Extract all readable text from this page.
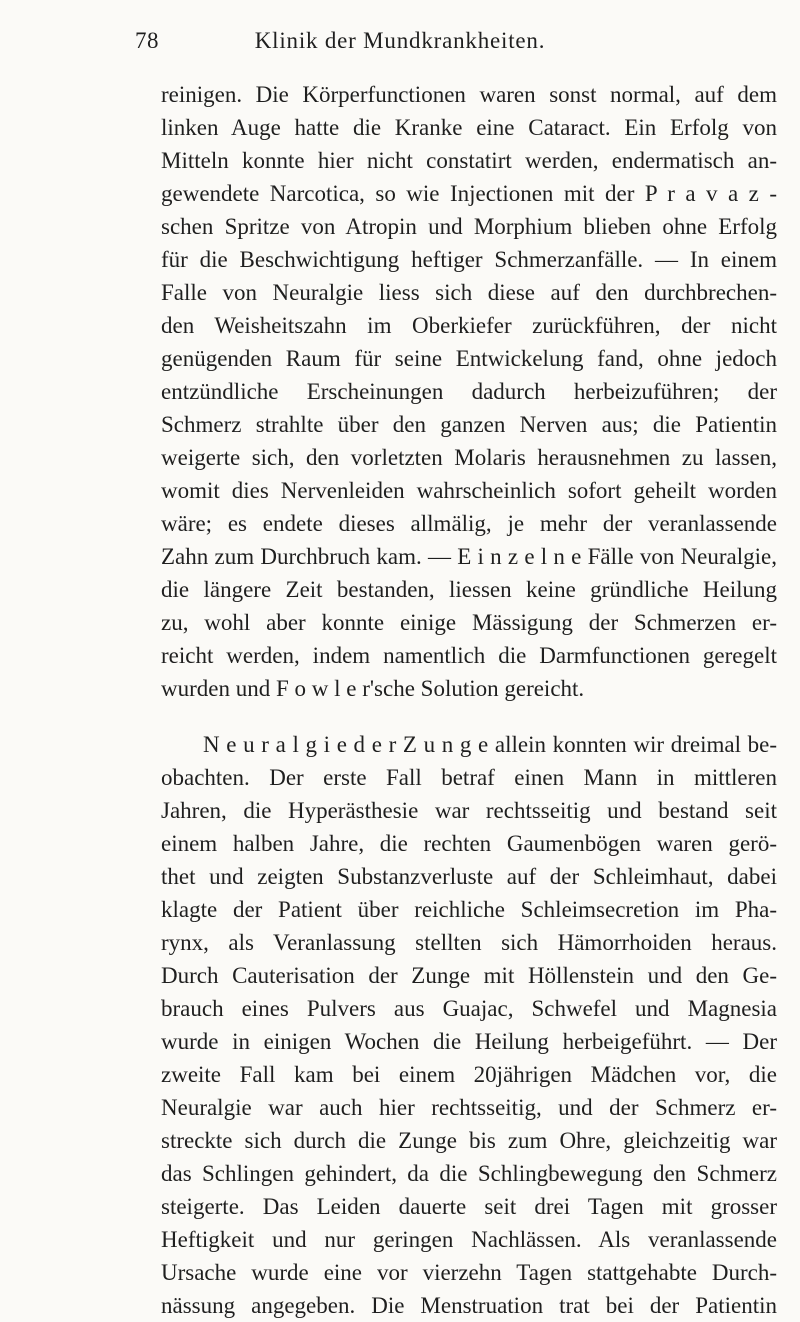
78	Klinik der Mundkrankheiten.
reinigen. Die Körperfunctionen waren sonst normal, auf dem
linken Auge hatte die Kranke eine Cataract. Ein Erfolg von
Mitteln konnte hier nicht constatirt werden, endermatisch an-
gewendete Narcotica, so wie Injectionen mit der P r a v a z -
schen Spritze von Atropin und Morphium blieben ohne Erfolg
für die Beschwichtigung heftiger Schmerzanfälle. — In einem
Falle von Neuralgie liess sich diese auf den durchbrechen-
den Weisheitszahn im Oberkiefer zurückführen, der nicht
genügenden Raum für seine Entwickelung fand, ohne jedoch
entzündliche Erscheinungen dadurch herbeizuführen; der
Schmerz strahlte über den ganzen Nerven aus; die Patientin
weigerte sich, den vorletzten Molaris herausnehmen zu lassen,
womit dies Nervenleiden wahrscheinlich sofort geheilt worden
wäre; es endete dieses allmälig, je mehr der veranlassende
Zahn zum Durchbruch kam. — E i n z e l n e Fälle von Neuralgie,
die längere Zeit bestanden, liessen keine gründliche Heilung
zu, wohl aber konnte einige Mässigung der Schmerzen er-
reicht werden, indem namentlich die Darmfunctionen geregelt
wurden und F o w l e r'sche Solution gereicht.
N e u r a l g i e d e r Z u n g e allein konnten wir dreimal be-
obachten. Der erste Fall betraf einen Mann in mittleren
Jahren, die Hyperästhesie war rechtsseitig und bestand seit
einem halben Jahre, die rechten Gaumenbögen waren gerö-
thet und zeigten Substanzverluste auf der Schleimhaut, dabei
klagte der Patient über reichliche Schleimsecretion im Pha-
rynx, als Veranlassung stellten sich Hämorrhoiden heraus.
Durch Cauterisation der Zunge mit Höllenstein und den Ge-
brauch eines Pulvers aus Guajac, Schwefel und Magnesia
wurde in einigen Wochen die Heilung herbeigeführt. — Der
zweite Fall kam bei einem 20jährigen Mädchen vor, die
Neuralgie war auch hier rechtsseitig, und der Schmerz er-
streckte sich durch die Zunge bis zum Ohre, gleichzeitig war
das Schlingen gehindert, da die Schlingbewegung den Schmerz
steigerte. Das Leiden dauerte seit drei Tagen mit grosser
Heftigkeit und nur geringen Nachlässen. Als veranlassende
Ursache wurde eine vor vierzehn Tagen stattgehabte Durch-
nässung angegeben. Die Menstruation trat bei der Patientin
